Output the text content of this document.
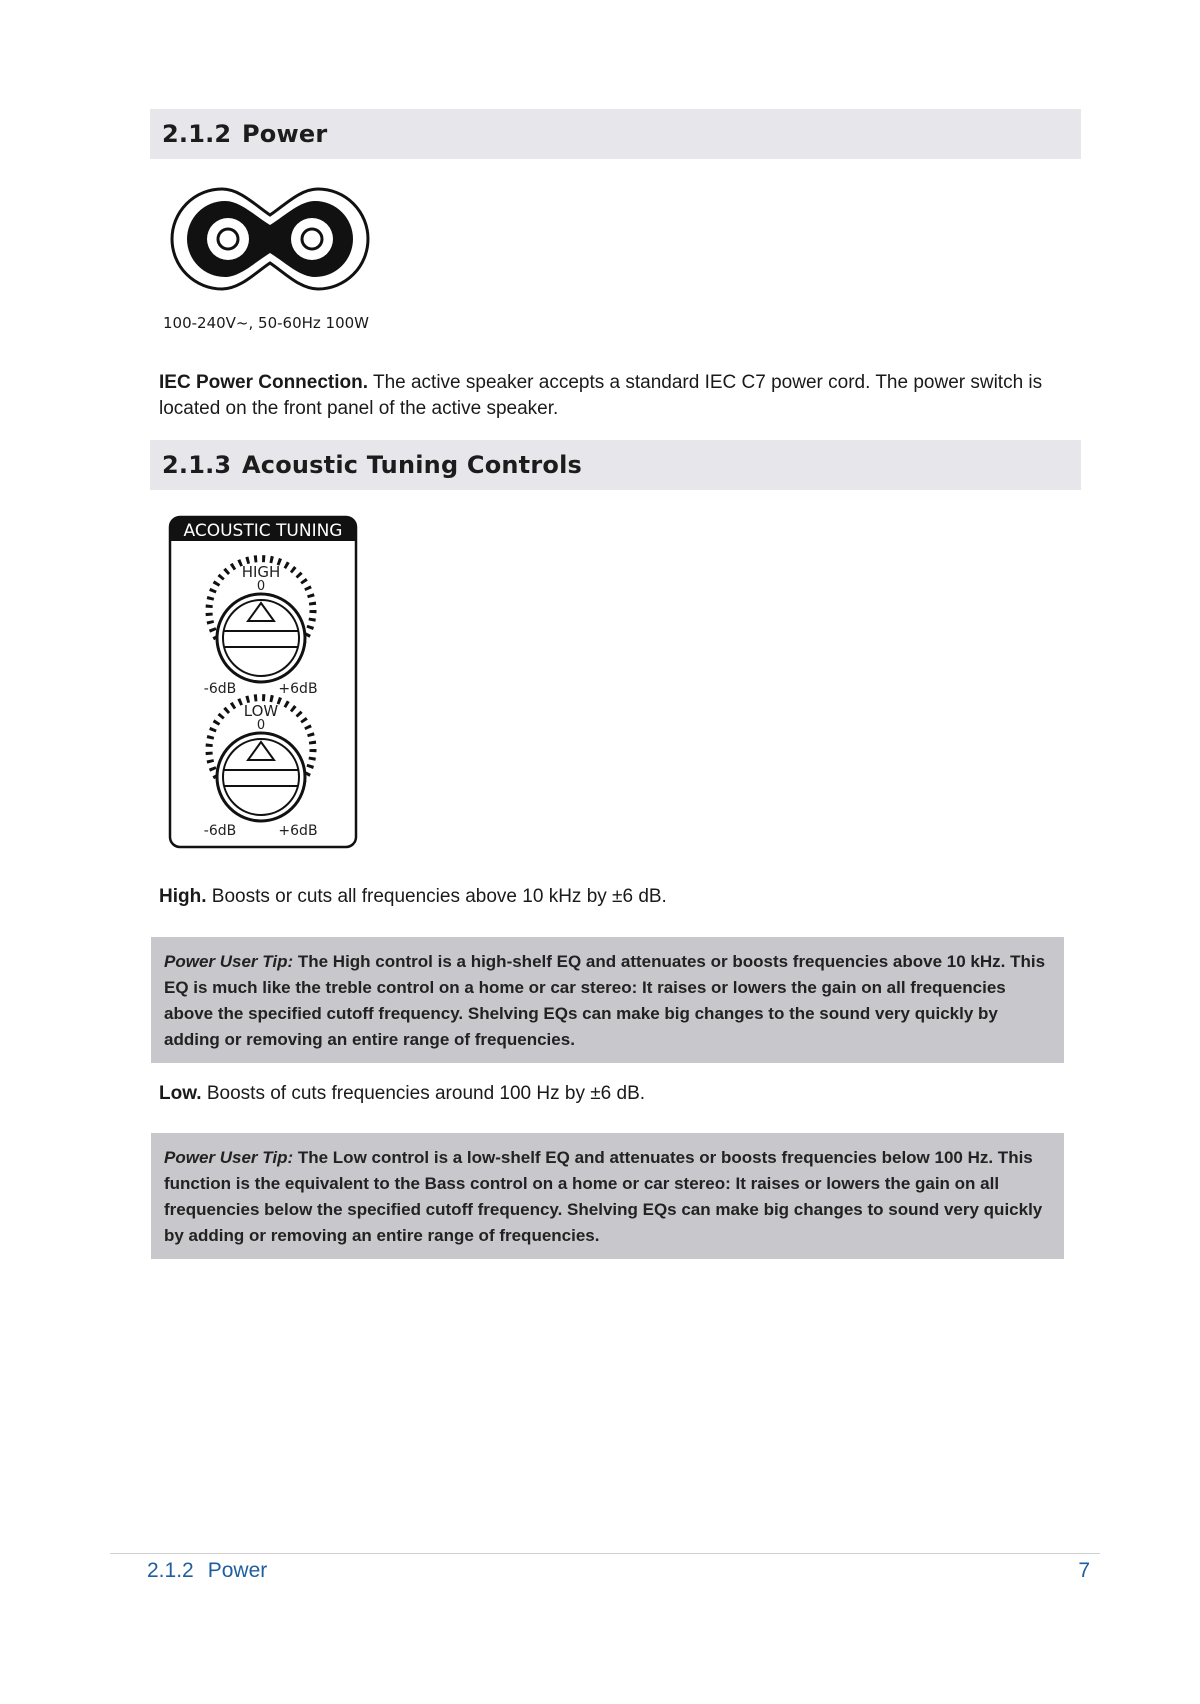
2.1.2 Power
100-240V~, 50-60Hz 100W

IEC Power Connection. The active speaker accepts a standard IEC C7 power cord. The power switch is located on the front panel of the active speaker.

2.1.3 Acoustic Tuning Controls
ACOUSTIC TUNING
HIGH
0
-6dB	+6dB
LOW
0
-6dB	+6dB

High. Boosts or cuts all frequencies above 10 kHz by ±6 dB.

Power User Tip: The High control is a high-shelf EQ and attenuates or boosts frequencies above 10 kHz. This EQ is much like the treble control on a home or car stereo: It raises or lowers the gain on all frequencies above the specified cutoff frequency. Shelving EQs can make big changes to the sound very quickly by adding or removing an entire range of frequencies.

Low. Boosts of cuts frequencies around 100 Hz by ±6 dB.

Power User Tip: The Low control is a low-shelf EQ and attenuates or boosts frequencies below 100 Hz. This function is the equivalent to the Bass control on a home or car stereo: It raises or lowers the gain on all frequencies below the specified cutoff frequency. Shelving EQs can make big changes to sound very quickly by adding or removing an entire range of frequencies.
2.1.2 Power	7
